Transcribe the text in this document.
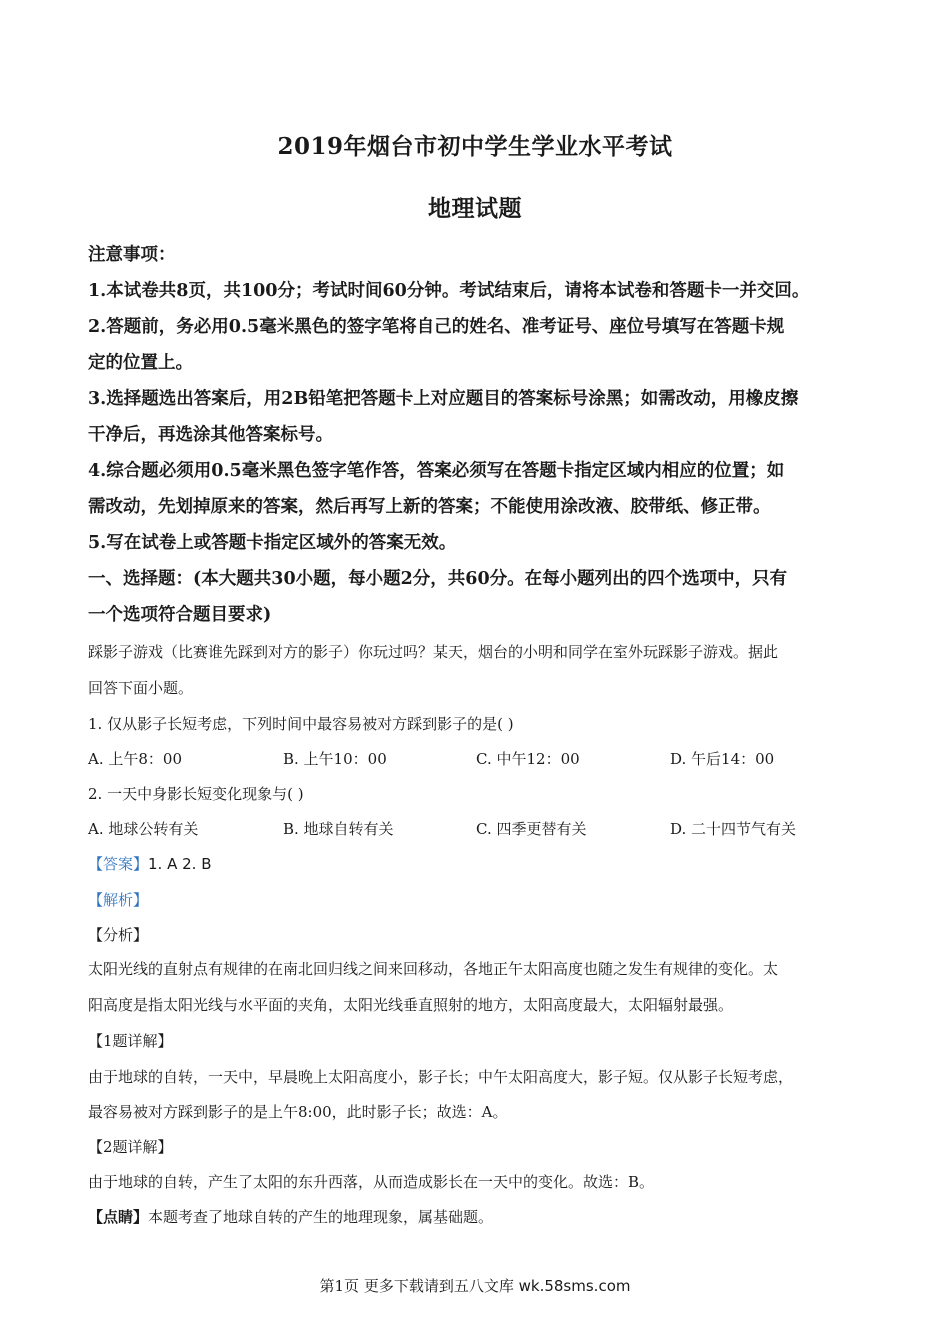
2019年烟台市初中学生学业水平考试
地理试题
注意事项：
1.本试卷共8页，共100分；考试时间60分钟。考试结束后，请将本试卷和答题卡一并交回。
2.答题前，务必用0.5毫米黑色的签字笔将自己的姓名、准考证号、座位号填写在答题卡规
定的位置上。
3.选择题选出答案后，用2B铅笔把答题卡上对应题目的答案标号涂黑；如需改动，用橡皮擦
干净后，再选涂其他答案标号。
4.综合题必须用0.5毫米黑色签字笔作答，答案必须写在答题卡指定区域内相应的位置；如
需改动，先划掉原来的答案，然后再写上新的答案；不能使用涂改液、胶带纸、修正带。
5.写在试卷上或答题卡指定区域外的答案无效。
一、选择题：(本大题共30小题，每小题2分，共60分。在每小题列出的四个选项中，只有
一个选项符合题目要求)
踩影子游戏（比赛谁先踩到对方的影子）你玩过吗？某天，烟台的小明和同学在室外玩踩影子游戏。据此
回答下面小题。
1. 仅从影子长短考虑，下列时间中最容易被对方踩到影子的是( )
A. 上午8：00	B. 上午10：00	C. 中午12：00	D. 午后14：00
2. 一天中身影长短变化现象与( )
A. 地球公转有关	B. 地球自转有关	C. 四季更替有关	D. 二十四节气有关
【答案】1. A 2. B
【解析】
【分析】
太阳光线的直射点有规律的在南北回归线之间来回移动，各地正午太阳高度也随之发生有规律的变化。太
阳高度是指太阳光线与水平面的夹角，太阳光线垂直照射的地方，太阳高度最大，太阳辐射最强。
【1题详解】
由于地球的自转，一天中，早晨晚上太阳高度小，影子长；中午太阳高度大，影子短。仅从影子长短考虑，
最容易被对方踩到影子的是上午8:00，此时影子长；故选：A。
【2题详解】
由于地球的自转，产生了太阳的东升西落，从而造成影长在一天中的变化。故选：B。
【点睛】本题考查了地球自转的产生的地理现象，属基础题。
第1页 更多下载请到五八文库 wk.58sms.com
